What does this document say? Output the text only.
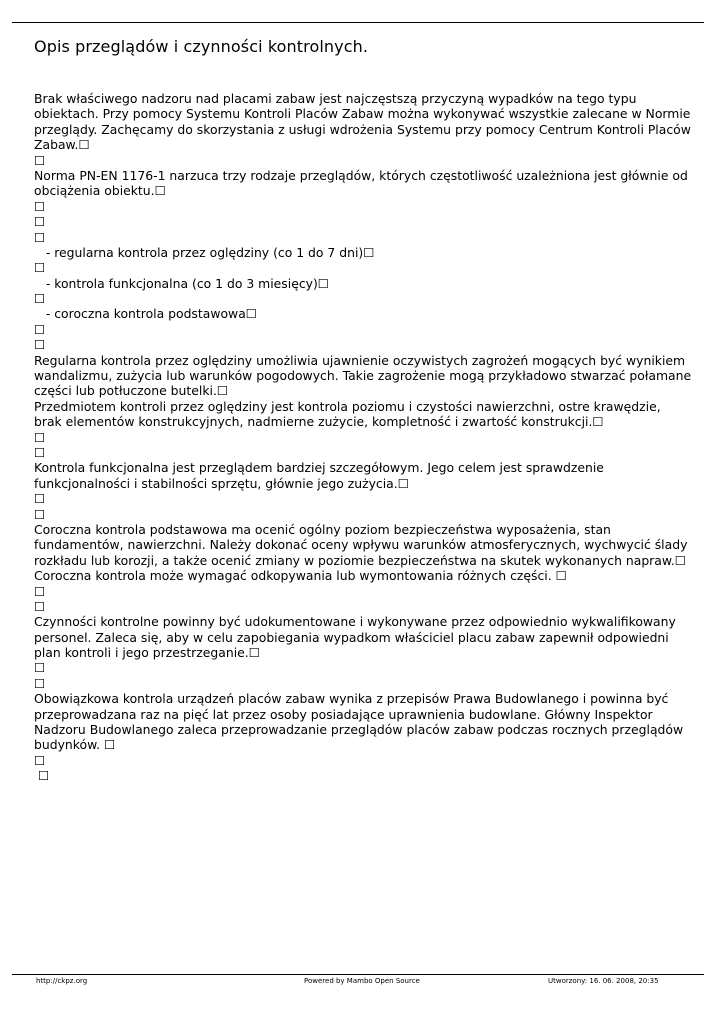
Opis przeglądów i czynności kontrolnych.
Brak właściwego nadzoru nad placami zabaw jest najczęstszą przyczyną wypadków na tego typu
obiektach. Przy pomocy Systemu Kontroli Placów Zabaw można wykonywać wszystkie zalecane w Normie
przeglądy. Zachęcamy do skorzystania z usługi wdrożenia Systemu przy pomocy Centrum Kontroli Placów
Zabaw.☐
☐
Norma PN-EN 1176-1 narzuca trzy rodzaje przeglądów, których częstotliwość uzależniona jest głównie od
obciążenia obiektu.☐
☐
☐
☐
- regularna kontrola przez oględziny (co 1 do 7 dni)☐
☐
- kontrola funkcjonalna (co 1 do 3 miesięcy)☐
☐
- coroczna kontrola podstawowa☐
☐
☐
Regularna kontrola przez oględziny umożliwia ujawnienie oczywistych zagrożeń mogących być wynikiem
wandalizmu, zużycia lub warunków pogodowych. Takie zagrożenie mogą przykładowo stwarzać połamane
części lub potłuczone butelki.☐
Przedmiotem kontroli przez oględziny jest kontrola poziomu i czystości nawierzchni, ostre krawędzie,
brak elementów konstrukcyjnych, nadmierne zużycie, kompletność i zwartość konstrukcji.☐
☐
☐
Kontrola funkcjonalna jest przeglądem bardziej szczegółowym. Jego celem jest sprawdzenie
funkcjonalności i stabilności sprzętu, głównie jego zużycia.☐
☐
☐
Coroczna kontrola podstawowa ma ocenić ogólny poziom bezpieczeństwa wyposażenia, stan
fundamentów, nawierzchni. Należy dokonać oceny wpływu warunków atmosferycznych, wychwycić ślady
rozkładu lub korozji, a także ocenić zmiany w poziomie bezpieczeństwa na skutek wykonanych napraw.☐
Coroczna kontrola może wymagać odkopywania lub wymontowania różnych części. ☐
☐
☐
Czynności kontrolne powinny być udokumentowane i wykonywane przez odpowiednio wykwalifikowany
personel. Zaleca się, aby w celu zapobiegania wypadkom właściciel placu zabaw zapewnił odpowiedni
plan kontroli i jego przestrzeganie.☐
☐
☐
Obowiązkowa kontrola urządzeń placów zabaw wynika z przepisów Prawa Budowlanego i powinna być
przeprowadzana raz na pięć lat przez osoby posiadające uprawnienia budowlane. Główny Inspektor
Nadzoru Budowlanego zaleca przeprowadzanie przeglądów placów zabaw podczas rocznych przeglądów
budynków. ☐
☐
☐
http://ckpz.org	Powered by Mambo Open Source	Utworzony: 16. 06. 2008, 20:35
